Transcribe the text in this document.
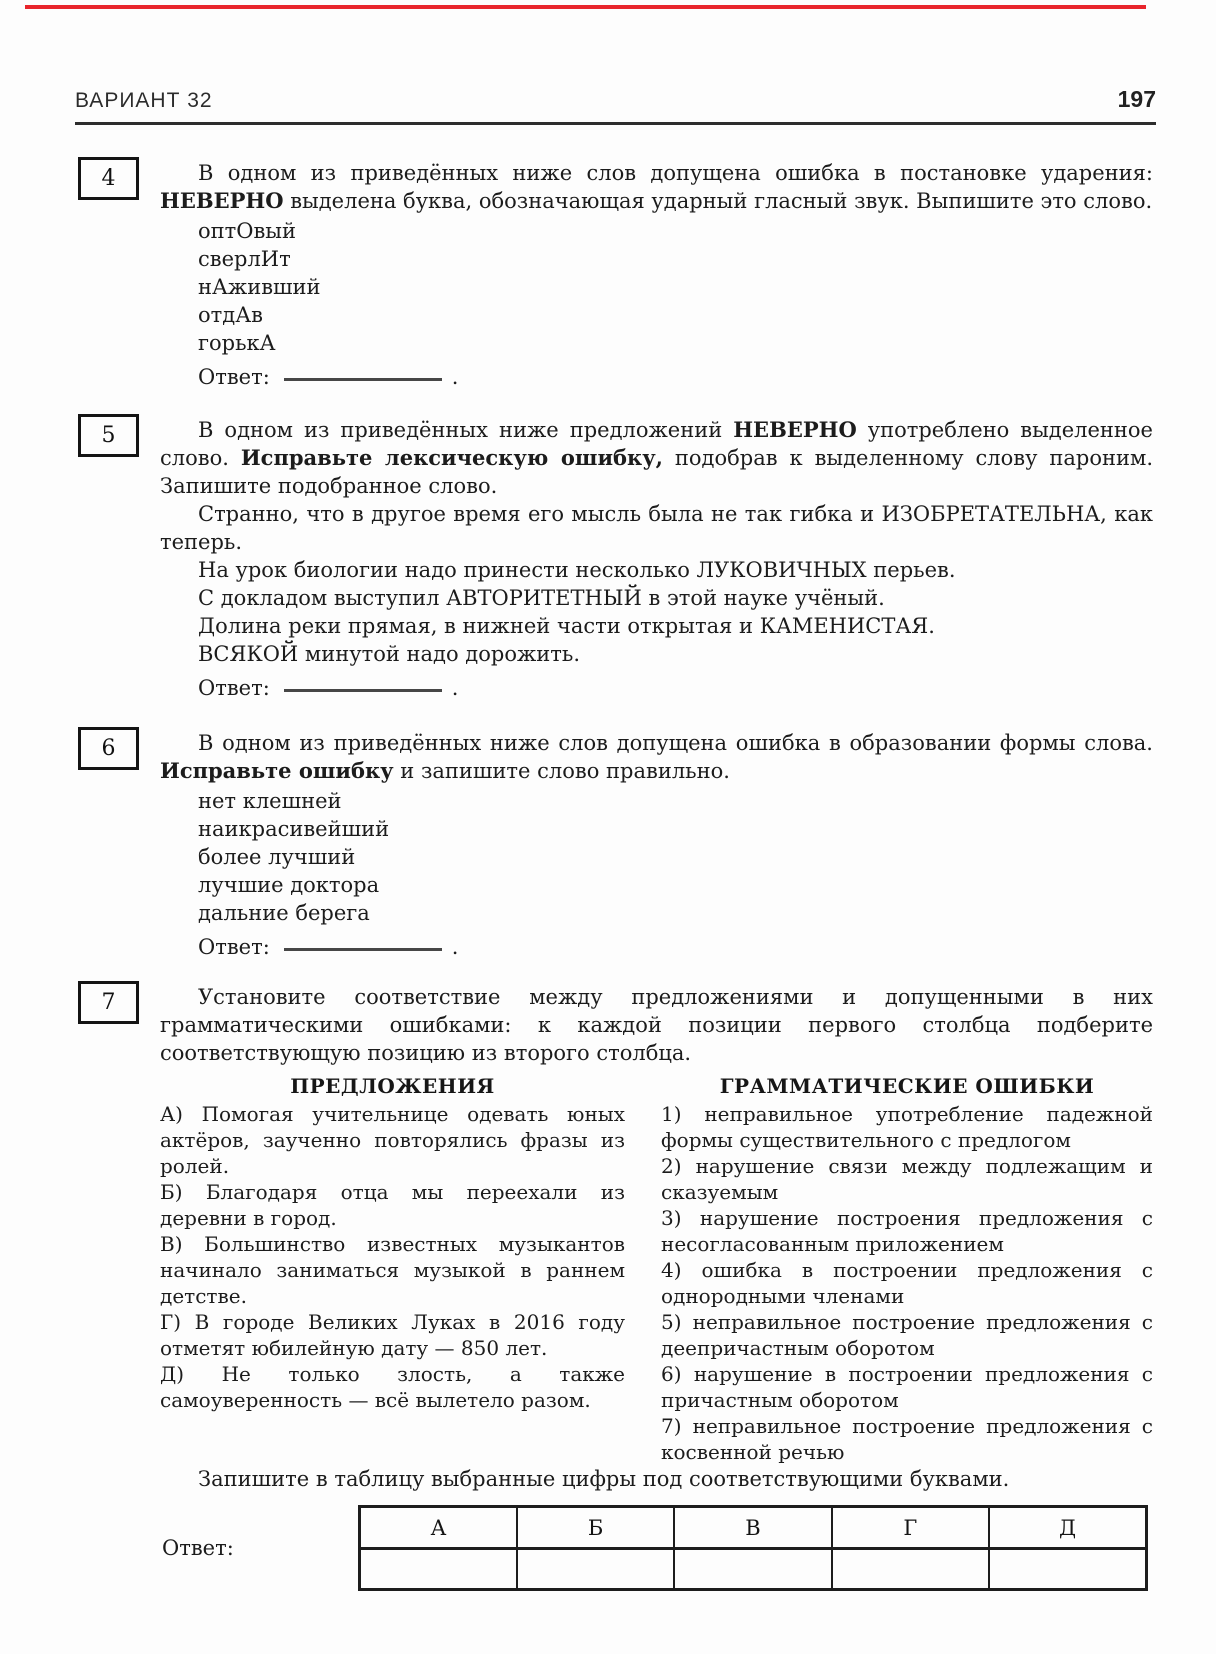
ВАРИАНТ 32	197
4	В одном из приведённых ниже слов допущена ошибка в постановке ударения: НЕВЕРНО выделена буква, обозначающая ударный гласный звук. Выпишите это слово.

оптОвый
сверлИт
нАживший
отдАв
горькА
Ответ:	.
5	В одном из приведённых ниже предложений НЕВЕРНО употреблено выделенное слово. Исправьте лексическую ошибку, подобрав к выделенному слову пароним. Запишите подобранное слово.

Странно, что в другое время его мысль была не так гибка и ИЗОБРЕТАТЕЛЬНА, как теперь.

На урок биологии надо принести несколько ЛУКОВИЧНЫХ перьев.

С докладом выступил АВТОРИТЕТНЫЙ в этой науке учёный.

Долина реки прямая, в нижней части открытая и КАМЕНИСТАЯ.

ВСЯКОЙ минутой надо дорожить.

Ответ:	.
6	В одном из приведённых ниже слов допущена ошибка в образовании формы слова. Исправьте ошибку и запишите слово правильно.

нет клешней
наикрасивейший
более лучший
лучшие доктора
дальние берега
Ответ:	.
7	Установите соответствие между предложениями и допущенными в них грамматическими ошибками: к каждой позиции первого столбца подберите соответствующую позицию из второго столбца.

ПРЕДЛОЖЕНИЯ

А) Помогая учительнице одевать юных актёров, заученно повторялись фразы из ролей.

Б) Благодаря отца мы переехали из деревни в город.

В) Большинство известных музыкантов начинало заниматься музыкой в раннем детстве.

Г) В городе Великих Луках в 2016 году отметят юбилейную дату — 850 лет.

Д) Не только злость, а также самоуверенность — всё вылетело разом.

ГРАММАТИЧЕСКИЕ ОШИБКИ

1) неправильное употребление падежной формы существительного с предлогом

2) нарушение связи между подлежащим и сказуемым

3) нарушение построения предложения с несогласованным приложением

4) ошибка в построении предложения с однородными членами

5) неправильное построение предложения с деепричастным оборотом

6) нарушение в построении предложения с причастным оборотом

7) неправильное построение предложения с косвенной речью

Запишите в таблицу выбранные цифры под соответствующими буквами.

Ответ:
А	Б	В	Г	Д
